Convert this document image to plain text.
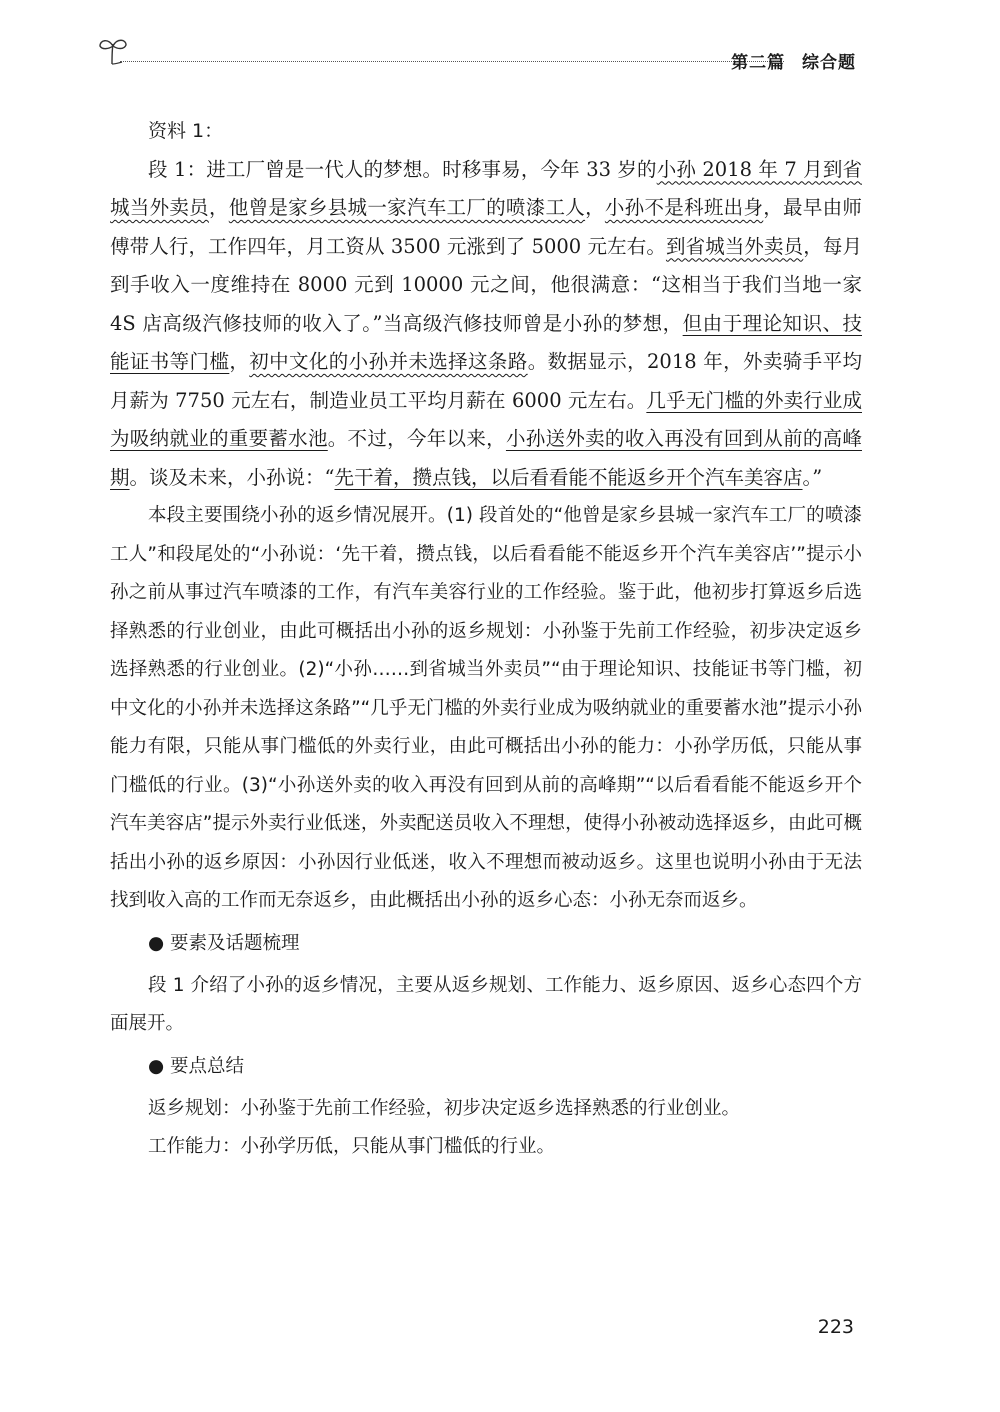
第二篇 综合题

资料 1：

段 1：进工厂曾是一代人的梦想。时移事易，今年 33 岁的小孙 2018 年 7 月到省城当外卖员，他曾是家乡县城一家汽车工厂的喷漆工人，小孙不是科班出身，最早由师傅带人行，工作四年，月工资从 3500 元涨到了 5000 元左右。到省城当外卖员，每月到手收入一度维持在 8000 元到 10000 元之间，他很满意：“这相当于我们当地一家 4S 店高级汽修技师的收入了。”当高级汽修技师曾是小孙的梦想，但由于理论知识、技能证书等门槛，初中文化的小孙并未选择这条路。数据显示，2018 年，外卖骑手平均月薪为 7750 元左右，制造业员工平均月薪在 6000 元左右。几乎无门槛的外卖行业成为吸纳就业的重要蓄水池。不过，今年以来，小孙送外卖的收入再没有回到从前的高峰期。谈及未来，小孙说：“先干着，攒点钱，以后看看能不能返乡开个汽车美容店。”

本段主要围绕小孙的返乡情况展开。(1) 段首处的“他曾是家乡县城一家汽车工厂的喷漆工人”和段尾处的“小孙说：‘先干着，攒点钱，以后看看能不能返乡开个汽车美容店’”提示小孙之前从事过汽车喷漆的工作，有汽车美容行业的工作经验。鉴于此，他初步打算返乡后选择熟悉的行业创业，由此可概括出小孙的返乡规划：小孙鉴于先前工作经验，初步决定返乡选择熟悉的行业创业。(2)“小孙……到省城当外卖员”“由于理论知识、技能证书等门槛，初中文化的小孙并未选择这条路”“几乎无门槛的外卖行业成为吸纳就业的重要蓄水池”提示小孙能力有限，只能从事门槛低的外卖行业，由此可概括出小孙的能力：小孙学历低，只能从事门槛低的行业。(3)“小孙送外卖的收入再没有回到从前的高峰期”“以后看看能不能返乡开个汽车美容店”提示外卖行业低迷，外卖配送员收入不理想，使得小孙被动选择返乡，由此可概括出小孙的返乡原因：小孙因行业低迷，收入不理想而被动返乡。这里也说明小孙由于无法找到收入高的工作而无奈返乡，由此概括出小孙的返乡心态：小孙无奈而返乡。

● 要素及话题梳理

段 1 介绍了小孙的返乡情况，主要从返乡规划、工作能力、返乡原因、返乡心态四个方面展开。

● 要点总结

返乡规划：小孙鉴于先前工作经验，初步决定返乡选择熟悉的行业创业。

工作能力：小孙学历低，只能从事门槛低的行业。

223
